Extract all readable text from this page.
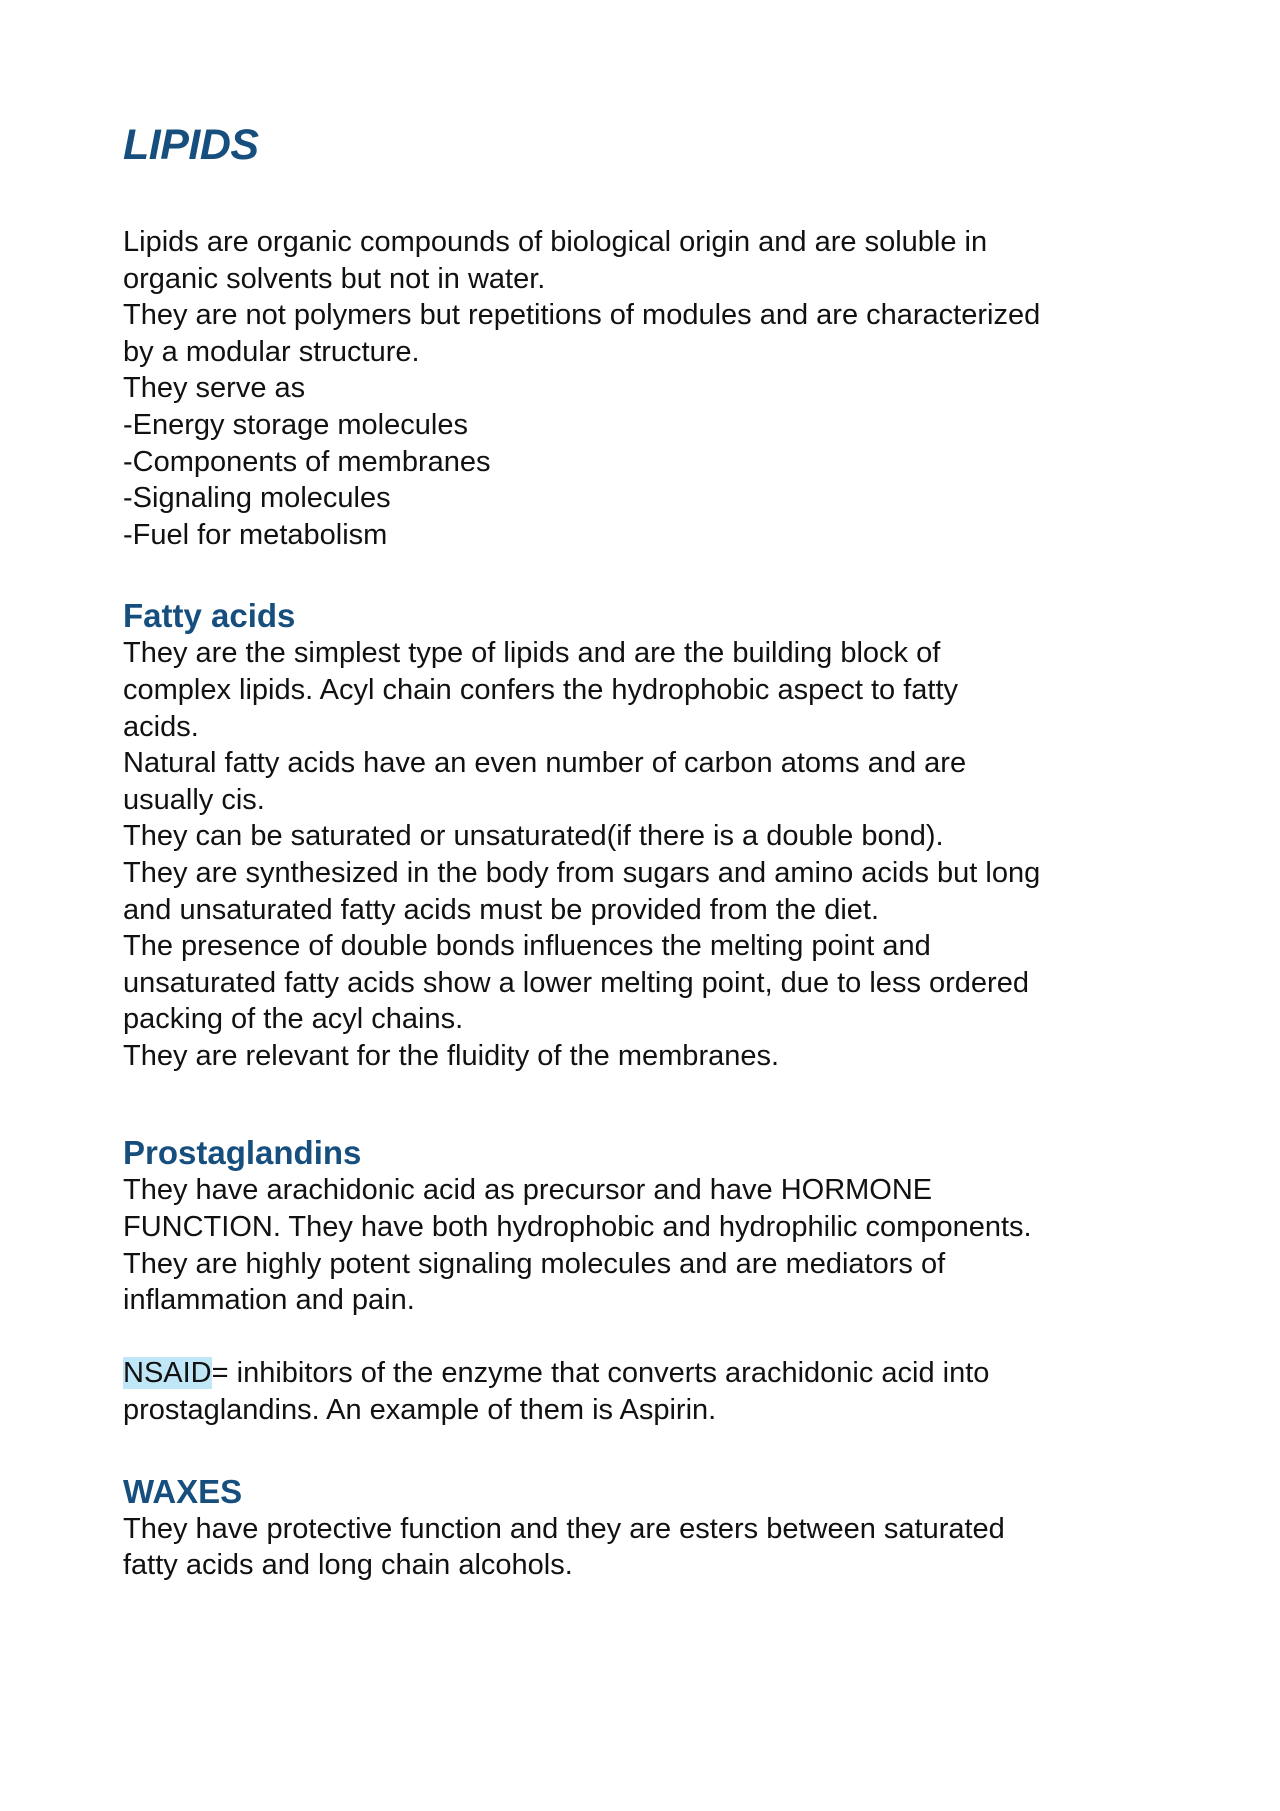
LIPIDS

Lipids are organic compounds of biological origin and are soluble in
organic solvents but not in water.
They are not polymers but repetitions of modules and are characterized
by a modular structure.
They serve as
-Energy storage molecules
-Components of membranes
-Signaling molecules
-Fuel for metabolism

Fatty acids

They are the simplest type of lipids and are the building block of
complex lipids. Acyl chain confers the hydrophobic aspect to fatty
acids.
Natural fatty acids have an even number of carbon atoms and are
usually cis.
They can be saturated or unsaturated(if there is a double bond).
They are synthesized in the body from sugars and amino acids but long
and unsaturated fatty acids must be provided from the diet.
The presence of double bonds influences the melting point and
unsaturated fatty acids show a lower melting point, due to less ordered
packing of the acyl chains.
They are relevant for the fluidity of the membranes.

Prostaglandins

They have arachidonic acid as precursor and have HORMONE
FUNCTION. They have both hydrophobic and hydrophilic components.
They are highly potent signaling molecules and are mediators of
inflammation and pain.

NSAID= inhibitors of the enzyme that converts arachidonic acid into
prostaglandins. An example of them is Aspirin.

WAXES

They have protective function and they are esters between saturated
fatty acids and long chain alcohols.
